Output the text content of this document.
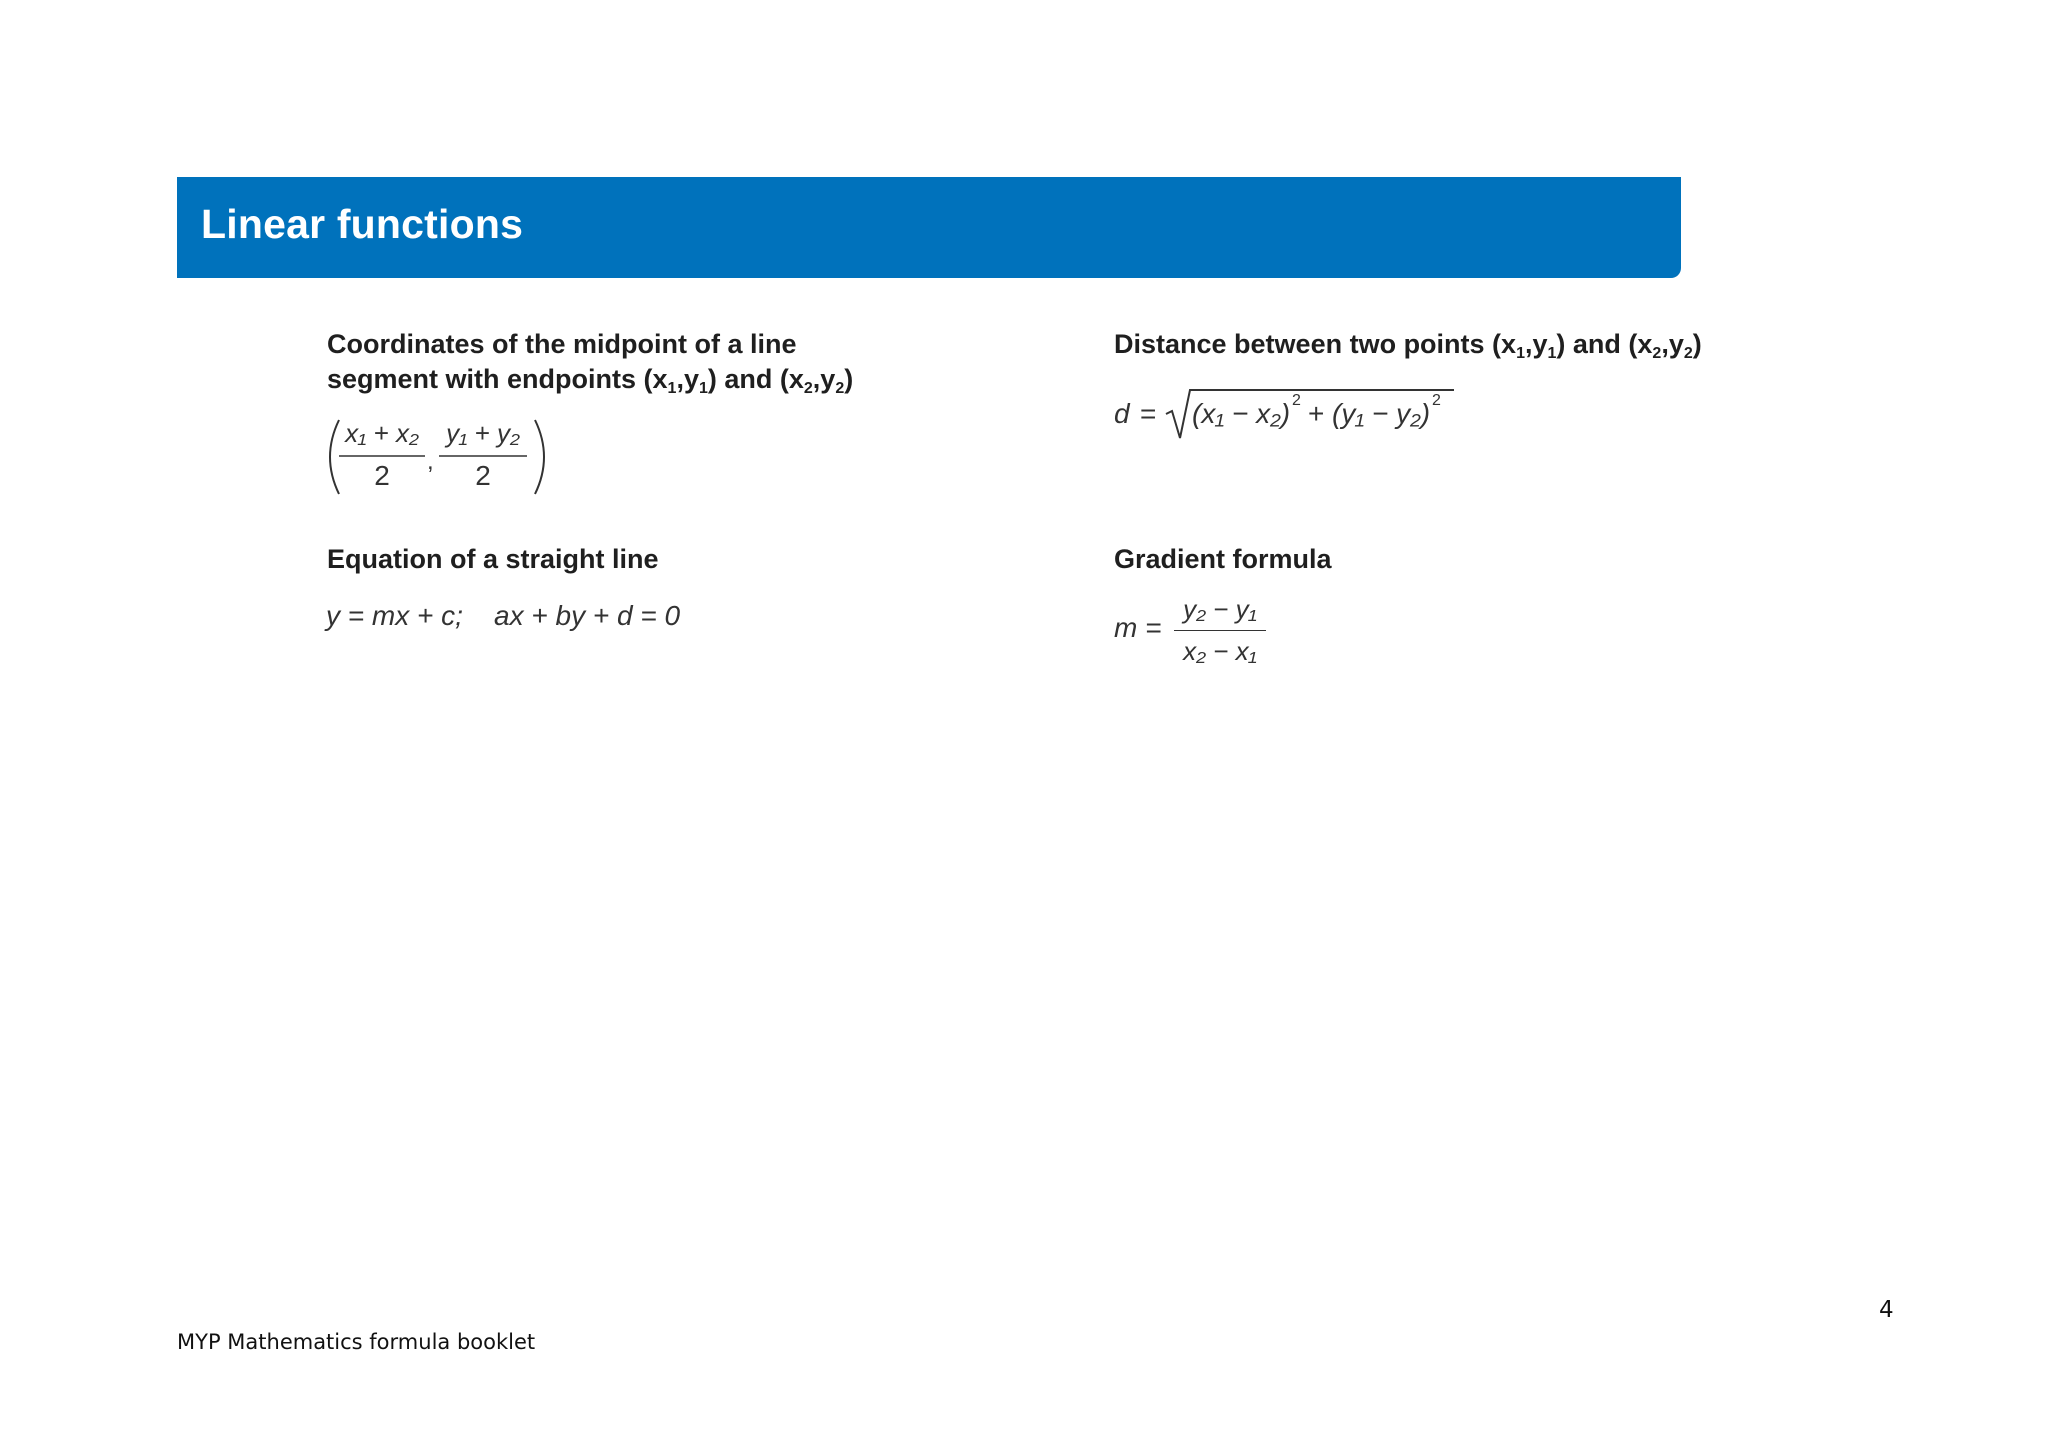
Linear functions
Coordinates of the midpoint of a line
segment with endpoints $(x_1,y_1)$ and $(x_2,y_2)$
x₁ + x₂
2	,
y₁ + y₂
2
Distance between two points $(x_1,y_1)$ and $(x_2,y_2)$
d = (x₁ − x₂) 2 + (y₁ − y₂) 2
Equation of a straight line
y = mx + c;    ax + by + d = 0
Gradient formula
m =
y₂ − y₁
x₂ − x₁
4
MYP Mathematics formula booklet
